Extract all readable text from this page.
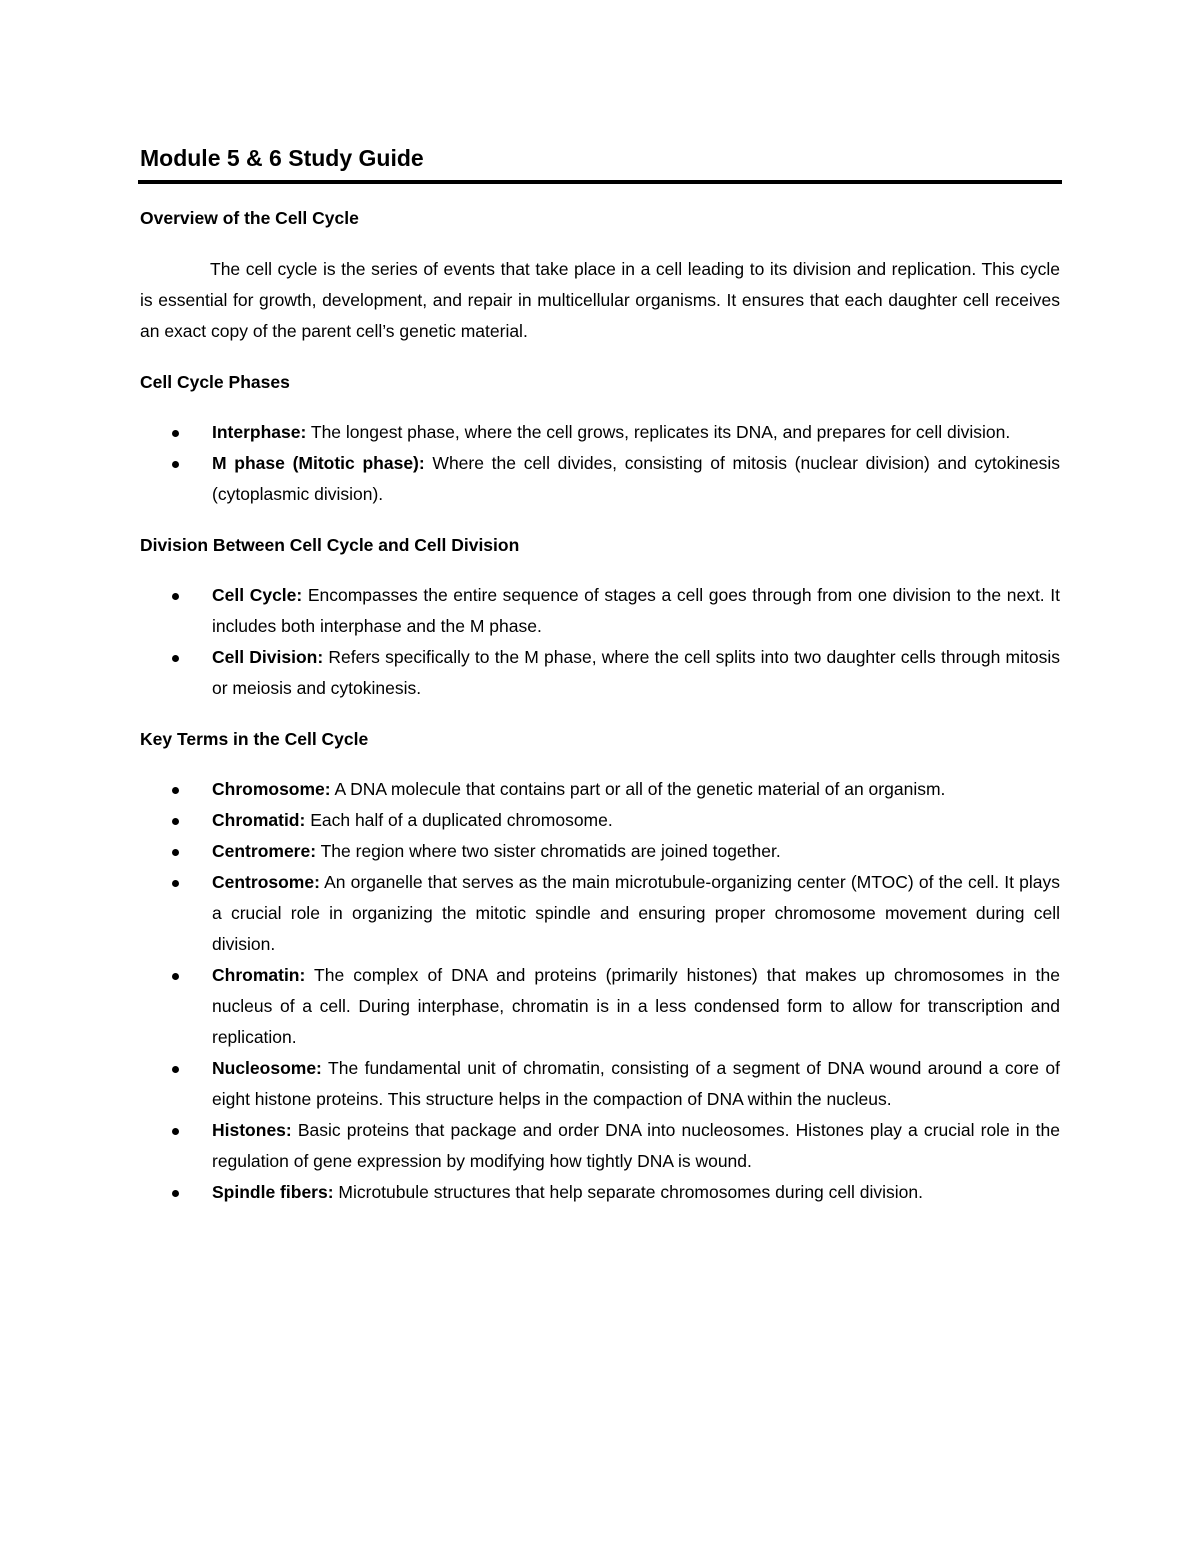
Module 5 & 6 Study Guide
Overview of the Cell Cycle

The cell cycle is the series of events that take place in a cell leading to its division and replication. This cycle is essential for growth, development, and repair in multicellular organisms. It ensures that each daughter cell receives an exact copy of the parent cell’s genetic material.

Cell Cycle Phases
Interphase: The longest phase, where the cell grows, replicates its DNA, and prepares for cell division.
M phase (Mitotic phase): Where the cell divides, consisting of mitosis (nuclear division) and cytokinesis (cytoplasmic division).
Division Between Cell Cycle and Cell Division
Cell Cycle: Encompasses the entire sequence of stages a cell goes through from one division to the next. It includes both interphase and the M phase.
Cell Division: Refers specifically to the M phase, where the cell splits into two daughter cells through mitosis or meiosis and cytokinesis.
Key Terms in the Cell Cycle
Chromosome: A DNA molecule that contains part or all of the genetic material of an organism.
Chromatid: Each half of a duplicated chromosome.
Centromere: The region where two sister chromatids are joined together.
Centrosome: An organelle that serves as the main microtubule-organizing center (MTOC) of the cell. It plays a crucial role in organizing the mitotic spindle and ensuring proper chromosome movement during cell division.
Chromatin: The complex of DNA and proteins (primarily histones) that makes up chromosomes in the nucleus of a cell. During interphase, chromatin is in a less condensed form to allow for transcription and replication.
Nucleosome: The fundamental unit of chromatin, consisting of a segment of DNA wound around a core of eight histone proteins. This structure helps in the compaction of DNA within the nucleus.
Histones: Basic proteins that package and order DNA into nucleosomes. Histones play a crucial role in the regulation of gene expression by modifying how tightly DNA is wound.
Spindle fibers: Microtubule structures that help separate chromosomes during cell division.
